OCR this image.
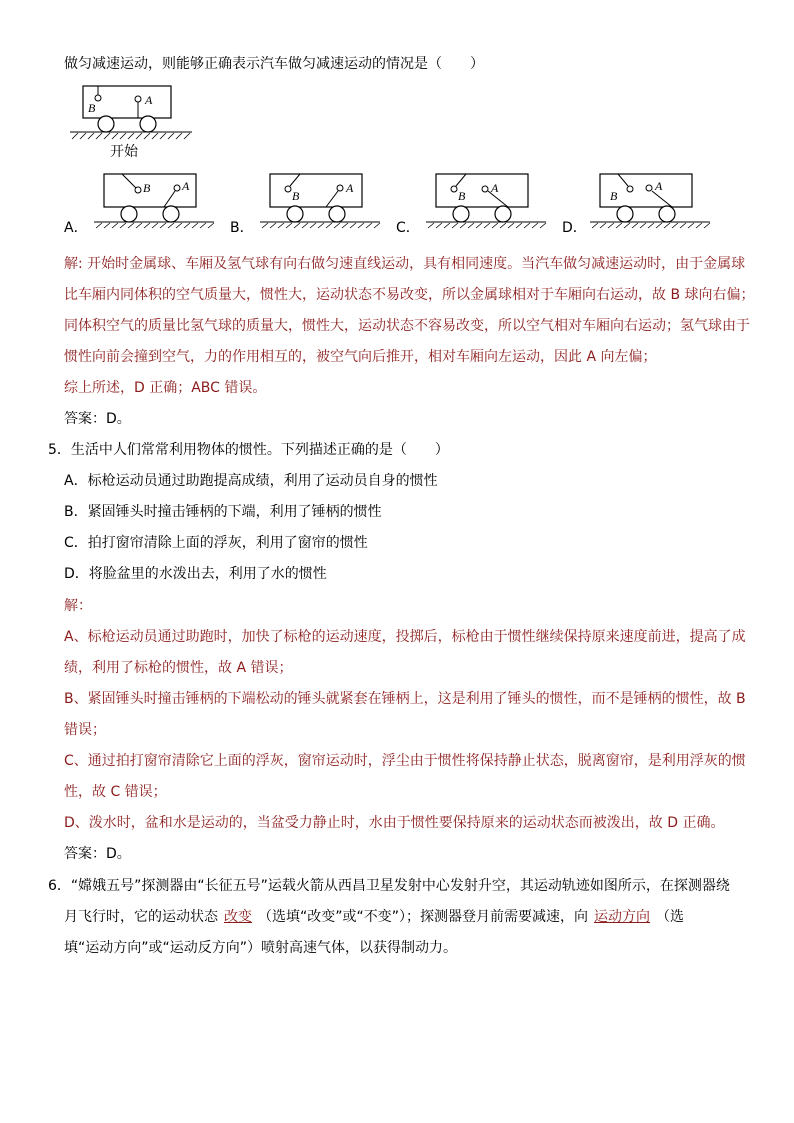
做匀减速运动，则能够正确表示汽车做匀减速运动的情况是（　　）
B
A
开始
A．
B	A
B．
B
A
C．
B
A
D．
B
A
解: 开始时金属球、车厢及氢气球有向右做匀速直线运动，具有相同速度。当汽车做匀减速运动时，由于金属球
比车厢内同体积的空气质量大，惯性大，运动状态不易改变，所以金属球相对于车厢向右运动，故 B 球向右偏；
同体积空气的质量比氢气球的质量大，惯性大，运动状态不容易改变，所以空气相对车厢向右运动；氢气球由于
惯性向前会撞到空气，力的作用相互的，被空气向后推开，相对车厢向左运动，因此 A 向左偏；
综上所述，D 正确；ABC 错误。
答案：D。
5．生活中人们常常利用物体的惯性。下列描述正确的是（　　）
A．标枪运动员通过助跑提高成绩，利用了运动员自身的惯性
B．紧固锤头时撞击锤柄的下端，利用了锤柄的惯性
C．拍打窗帘清除上面的浮灰，利用了窗帘的惯性
D．将脸盆里的水泼出去，利用了水的惯性
解：
A、标枪运动员通过助跑时，加快了标枪的运动速度，投掷后，标枪由于惯性继续保持原来速度前进，提高了成
绩，利用了标枪的惯性，故 A 错误；
B、紧固锤头时撞击锤柄的下端松动的锤头就紧套在锤柄上，这是利用了锤头的惯性，而不是锤柄的惯性，故 B
错误；
C、通过拍打窗帘清除它上面的浮灰，窗帘运动时，浮尘由于惯性将保持静止状态，脱离窗帘，是利用浮灰的惯
性，故 C 错误；
D、泼水时，盆和水是运动的，当盆受力静止时，水由于惯性要保持原来的运动状态而被泼出，故 D 正确。
答案：D。
6．“嫦娥五号”探测器由“长征五号”运载火箭从西昌卫星发射中心发射升空，其运动轨迹如图所示，在探测器绕
月飞行时，它的运动状态 改变 （选填“改变”或“不变”）；探测器登月前需要减速，向 运动方向 （选
填“运动方向”或“运动反方向”）喷射高速气体，以获得制动力。
